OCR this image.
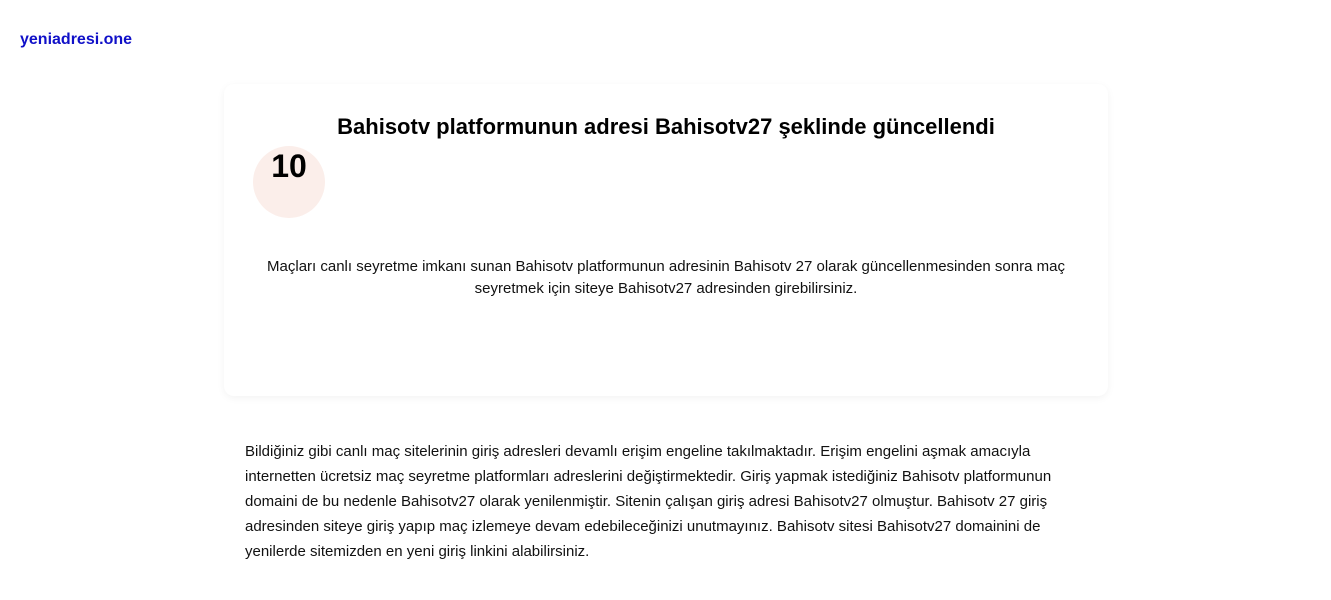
yeniadresi.one
Bahisotv platformunun adresi Bahisotv27 şeklinde güncellendi
10

Maçları canlı seyretme imkanı sunan Bahisotv platformunun adresinin Bahisotv 27 olarak güncellenmesinden sonra maç seyretmek için siteye Bahisotv27 adresinden girebilirsiniz.

Bildiğiniz gibi canlı maç sitelerinin giriş adresleri devamlı erişim engeline takılmaktadır. Erişim engelini aşmak amacıyla internetten ücretsiz maç seyretme platformları adreslerini değiştirmektedir. Giriş yapmak istediğiniz Bahisotv platformunun domaini de bu nedenle Bahisotv27 olarak yenilenmiştir. Sitenin çalışan giriş adresi Bahisotv27 olmuştur. Bahisotv 27 giriş adresinden siteye giriş yapıp maç izlemeye devam edebileceğinizi unutmayınız. Bahisotv sitesi Bahisotv27 domainini de yenilerde sitemizden en yeni giriş linkini alabilirsiniz.
